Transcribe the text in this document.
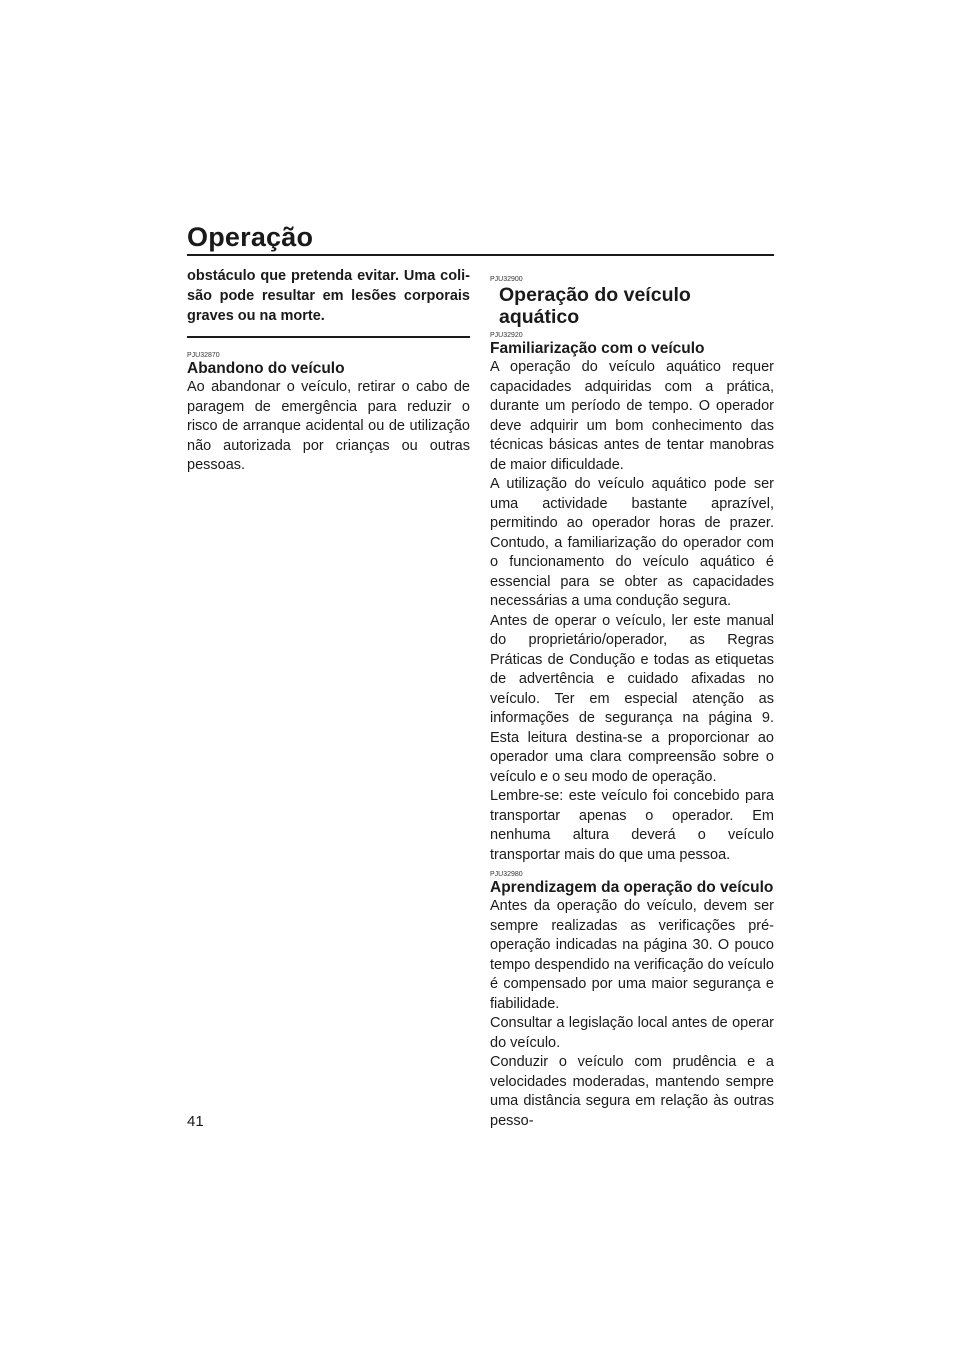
Operação
obstáculo que pretenda evitar. Uma colisão pode resultar em lesões corporais graves ou na morte.
PJU32870
Abandono do veículo

Ao abandonar o veículo, retirar o cabo de paragem de emergência para reduzir o risco de arranque acidental ou de utilização não autorizada por crianças ou outras pessoas.

PJU32900
Operação do veículo aquático
PJU32920
Familiarização com o veículo

A operação do veículo aquático requer capacidades adquiridas com a prática, durante um período de tempo. O operador deve adquirir um bom conhecimento das técnicas básicas antes de tentar manobras de maior dificuldade.

A utilização do veículo aquático pode ser uma actividade bastante aprazível, permitindo ao operador horas de prazer. Contudo, a familiarização do operador com o funcionamento do veículo aquático é essencial para se obter as capacidades necessárias a uma condução segura.

Antes de operar o veículo, ler este manual do proprietário/operador, as Regras Práticas de Condução e todas as etiquetas de advertência e cuidado afixadas no veículo. Ter em especial atenção as informações de segurança na página 9. Esta leitura destina-se a proporcionar ao operador uma clara compreensão sobre o veículo e o seu modo de operação.

Lembre-se: este veículo foi concebido para transportar apenas o operador. Em nenhuma altura deverá o veículo transportar mais do que uma pessoa.

PJU32980
Aprendizagem da operação do veículo

Antes da operação do veículo, devem ser sempre realizadas as verificações pré-operação indicadas na página 30. O pouco tempo despendido na verificação do veículo é compensado por uma maior segurança e fiabilidade.

Consultar a legislação local antes de operar do veículo.

Conduzir o veículo com prudência e a velocidades moderadas, mantendo sempre uma distância segura em relação às outras pesso-

41
